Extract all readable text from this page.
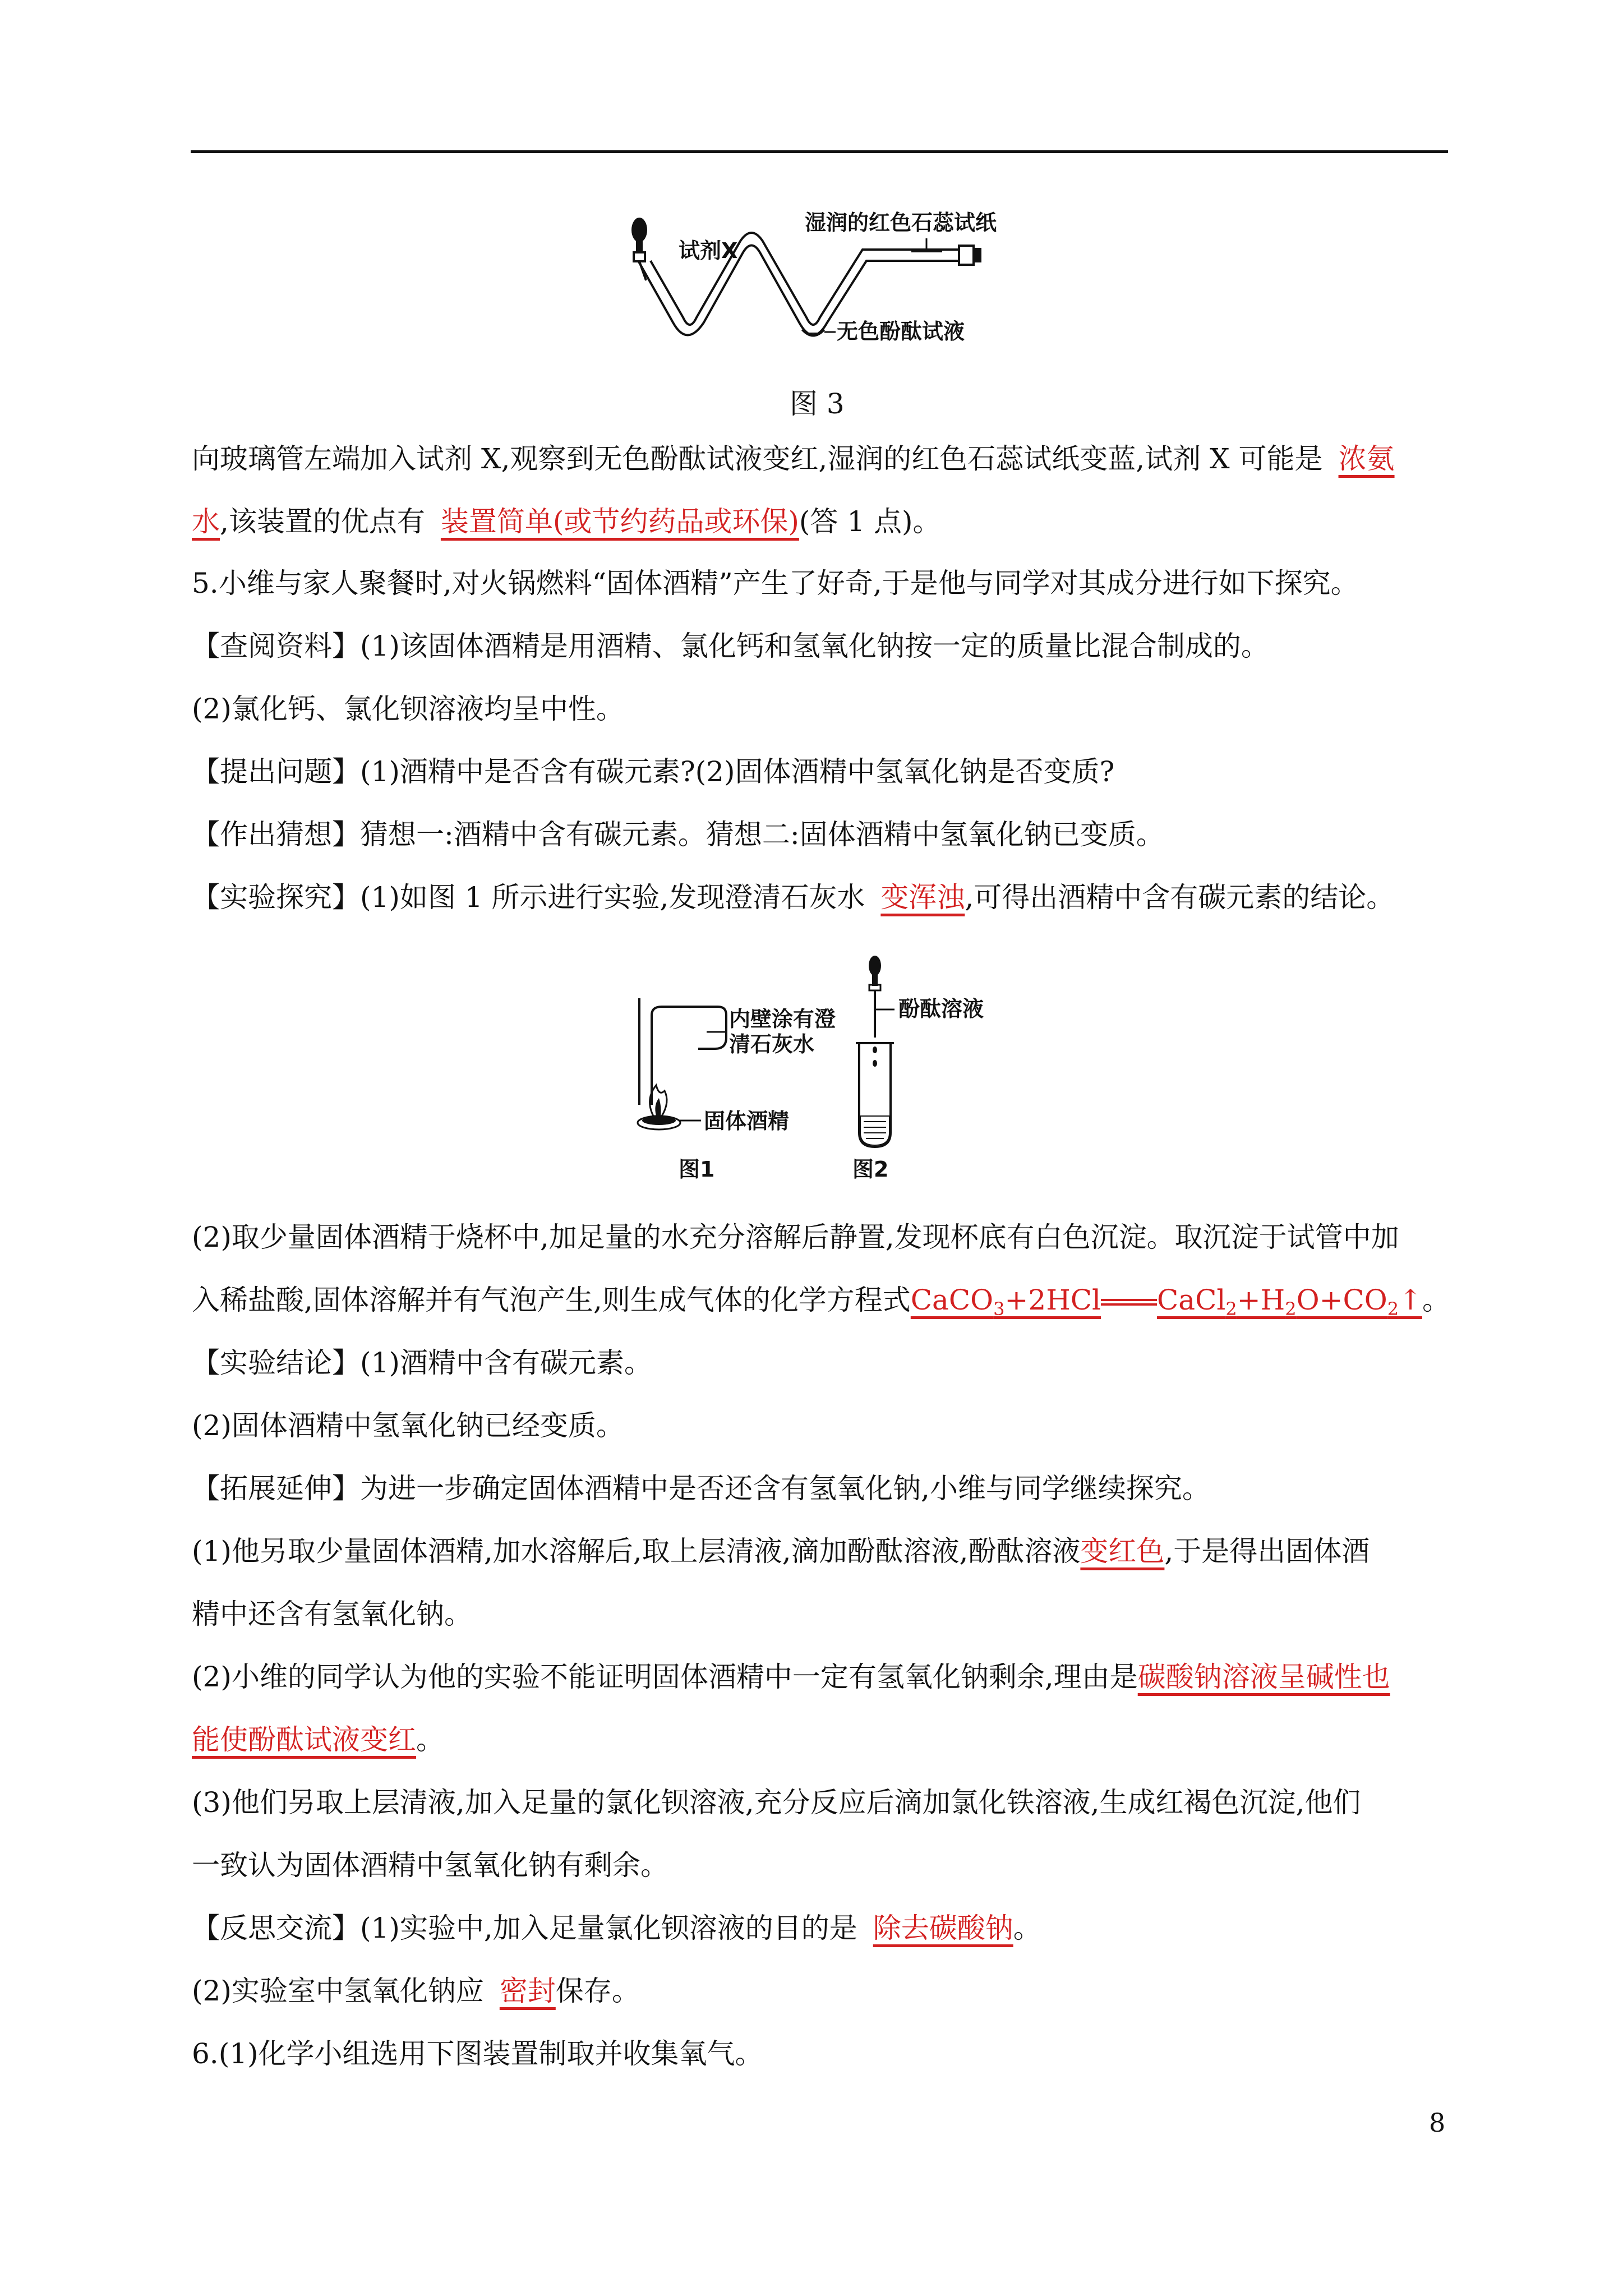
试剂X
湿润的红色石蕊试纸
无色酚酞试液
图 3
向玻璃管左端加入试剂 X,观察到无色酚酞试液变红,湿润的红色石蕊试纸变蓝,试剂 X 可能是 浓氨
水,该装置的优点有 装置简单(或节约药品或环保)(答 1 点)。
5.小维与家人聚餐时,对火锅燃料“固体酒精”产生了好奇,于是他与同学对其成分进行如下探究。
【查阅资料】(1)该固体酒精是用酒精、氯化钙和氢氧化钠按一定的质量比混合制成的。
(2)氯化钙、氯化钡溶液均呈中性。
【提出问题】(1)酒精中是否含有碳元素?(2)固体酒精中氢氧化钠是否变质?
【作出猜想】猜想一:酒精中含有碳元素。猜想二:固体酒精中氢氧化钠已变质。
【实验探究】(1)如图 1 所示进行实验,发现澄清石灰水 变浑浊,可得出酒精中含有碳元素的结论。
内壁涂有澄
清石灰水
固体酒精
酚酞溶液
图1	图2
(2)取少量固体酒精于烧杯中,加足量的水充分溶解后静置,发现杯底有白色沉淀。取沉淀于试管中加
入稀盐酸,固体溶解并有气泡产生,则生成气体的化学方程式CaCO$_3$+2HCl $CaCl_2+H_2O+CO_2↑$。
【实验结论】(1)酒精中含有碳元素。
(2)固体酒精中氢氧化钠已经变质。
【拓展延伸】为进一步确定固体酒精中是否还含有氢氧化钠,小维与同学继续探究。
(1)他另取少量固体酒精,加水溶解后,取上层清液,滴加酚酞溶液,酚酞溶液变红色,于是得出固体酒
精中还含有氢氧化钠。
(2)小维的同学认为他的实验不能证明固体酒精中一定有氢氧化钠剩余,理由是碳酸钠溶液呈碱性也
能使酚酞试液变红。
(3)他们另取上层清液,加入足量的氯化钡溶液,充分反应后滴加氯化铁溶液,生成红褐色沉淀,他们
一致认为固体酒精中氢氧化钠有剩余。
【反思交流】(1)实验中,加入足量氯化钡溶液的目的是 除去碳酸钠。
(2)实验室中氢氧化钠应 密封保存。
6.(1)化学小组选用下图装置制取并收集氧气。
8
